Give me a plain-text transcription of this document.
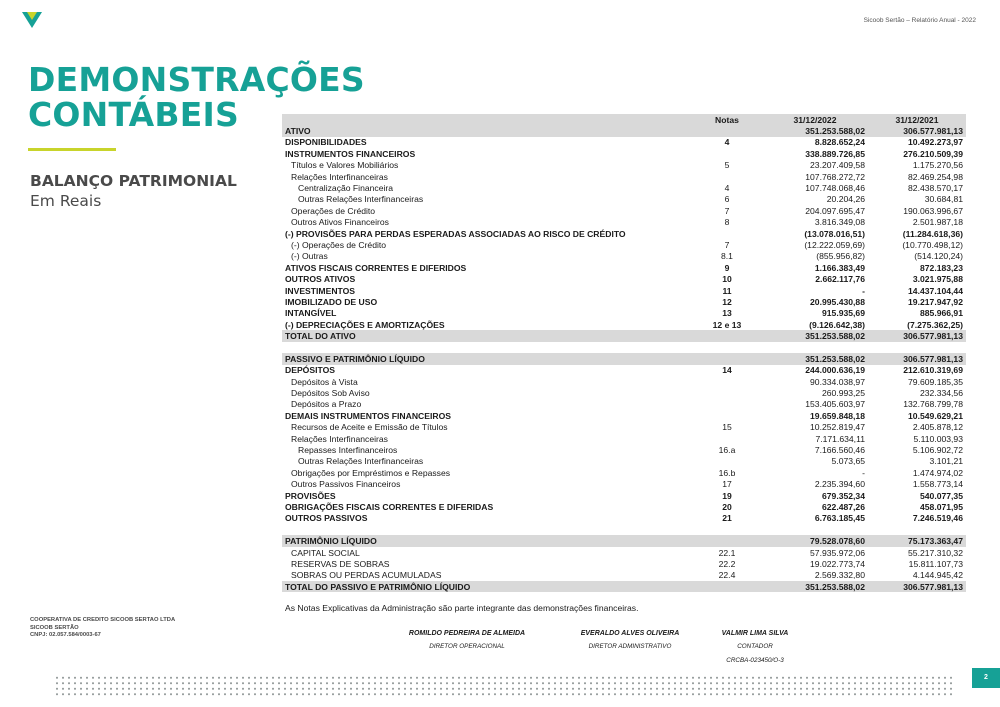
Sicoob Sertão – Relatório Anual - 2022
DEMONSTRAÇÕES
CONTÁBEIS
BALANÇO PATRIMONIAL
Em Reais
	Notas	31/12/2022	31/12/2021
ATIVO		351.253.588,02	306.577.981,13
DISPONIBILIDADES	4	8.828.652,24	10.492.273,97
INSTRUMENTOS FINANCEIROS		338.889.726,85	276.210.509,39
Títulos e Valores Mobiliários	5	23.207.409,58	1.175.270,56
Relações Interfinanceiras		107.768.272,72	82.469.254,98
Centralização Financeira	4	107.748.068,46	82.438.570,17
Outras Relações Interfinanceiras	6	20.204,26	30.684,81
Operações de Crédito	7	204.097.695,47	190.063.996,67
Outros Ativos Financeiros	8	3.816.349,08	2.501.987,18
(-) PROVISÕES PARA PERDAS ESPERADAS ASSOCIADAS AO RISCO DE CRÉDITO		(13.078.016,51)	(11.284.618,36)
(-) Operações de Crédito	7	(12.222.059,69)	(10.770.498,12)
(-) Outras	8.1	(855.956,82)	(514.120,24)
ATIVOS FISCAIS CORRENTES E DIFERIDOS	9	1.166.383,49	872.183,23
OUTROS ATIVOS	10	2.662.117,76	3.021.975,88
INVESTIMENTOS	11	-	14.437.104,44
IMOBILIZADO DE USO	12	20.995.430,88	19.217.947,92
INTANGÍVEL	13	915.935,69	885.966,91
(-) DEPRECIAÇÕES E AMORTIZAÇÕES	12 e 13	(9.126.642,38)	(7.275.362,25)
TOTAL DO ATIVO		351.253.588,02	306.577.981,13

PASSIVO E PATRIMÔNIO LÍQUIDO		351.253.588,02	306.577.981,13
DEPÓSITOS	14	244.000.636,19	212.610.319,69
Depósitos à Vista		90.334.038,97	79.609.185,35
Depósitos Sob Aviso		260.993,25	232.334,56
Depósitos a Prazo		153.405.603,97	132.768.799,78
DEMAIS INSTRUMENTOS FINANCEIROS		19.659.848,18	10.549.629,21
Recursos de Aceite e Emissão de Títulos	15	10.252.819,47	2.405.878,12
Relações Interfinanceiras		7.171.634,11	5.110.003,93
Repasses Interfinanceiros	16.a	7.166.560,46	5.106.902,72
Outras Relações Interfinanceiras		5.073,65	3.101,21
Obrigações por Empréstimos e Repasses	16.b	-	1.474.974,02
Outros Passivos Financeiros	17	2.235.394,60	1.558.773,14
PROVISÕES	19	679.352,34	540.077,35
OBRIGAÇÕES FISCAIS CORRENTES E DIFERIDAS	20	622.487,26	458.071,95
OUTROS PASSIVOS	21	6.763.185,45	7.246.519,46

PATRIMÔNIO LÍQUIDO		79.528.078,60	75.173.363,47
CAPITAL SOCIAL	22.1	57.935.972,06	55.217.310,32
RESERVAS DE SOBRAS	22.2	19.022.773,74	15.811.107,73
SOBRAS OU PERDAS ACUMULADAS	22.4	2.569.332,80	4.144.945,42
TOTAL DO PASSIVO E PATRIMÔNIO LÍQUIDO		351.253.588,02	306.577.981,13
As Notas Explicativas da Administração são parte integrante das demonstrações financeiras.
COOPERATIVA DE CREDITO SICOOB SERTAO LTDA
SICOOB SERTÃO
CNPJ: 02.057.584/0003-67	ROMILDO PEDREIRA DE ALMEIDA
DIRETOR OPERACIONAL
EVERALDO ALVES OLIVEIRA
DIRETOR ADMINISTRATIVO
VALMIR LIMA SILVA
CONTADOR
CRCBA-023450/O-3
2
